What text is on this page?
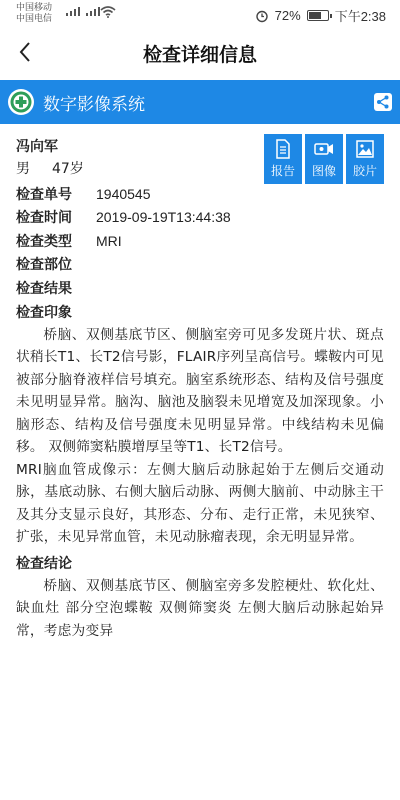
中国移动
中国电信	72%	下午2:38
检查详细信息
数字影像系统
报告 图像 胶片
冯向军
男 47岁
检查单号	1940545
检查时间	2019-09-19T13:44:38
检查类型	MRI
检查部位
检查结果
检查印象
桥脑、双侧基底节区、侧脑室旁可见多发斑片状、斑点状稍长T1、长T2信号影，FLAIR序列呈高信号。蝶鞍内可见被部分脑脊液样信号填充。脑室系统形态、结构及信号强度未见明显异常。脑沟、脑池及脑裂未见增宽及加深现象。小脑形态、结构及信号强度未见明显异常。中线结构未见偏移。 双侧筛窦粘膜增厚呈等T1、长T2信号。
MRI脑血管成像示：左侧大脑后动脉起始于左侧后交通动脉，基底动脉、右侧大脑后动脉、两侧大脑前、中动脉主干及其分支显示良好，其形态、分布、走行正常，未见狭窄、扩张，未见异常血管，未见动脉瘤表现，余无明显异常。
检查结论
桥脑、双侧基底节区、侧脑室旁多发腔梗灶、软化灶、缺血灶 部分空泡蝶鞍 双侧筛窦炎 左侧大脑后动脉起始异常，考虑为变异
